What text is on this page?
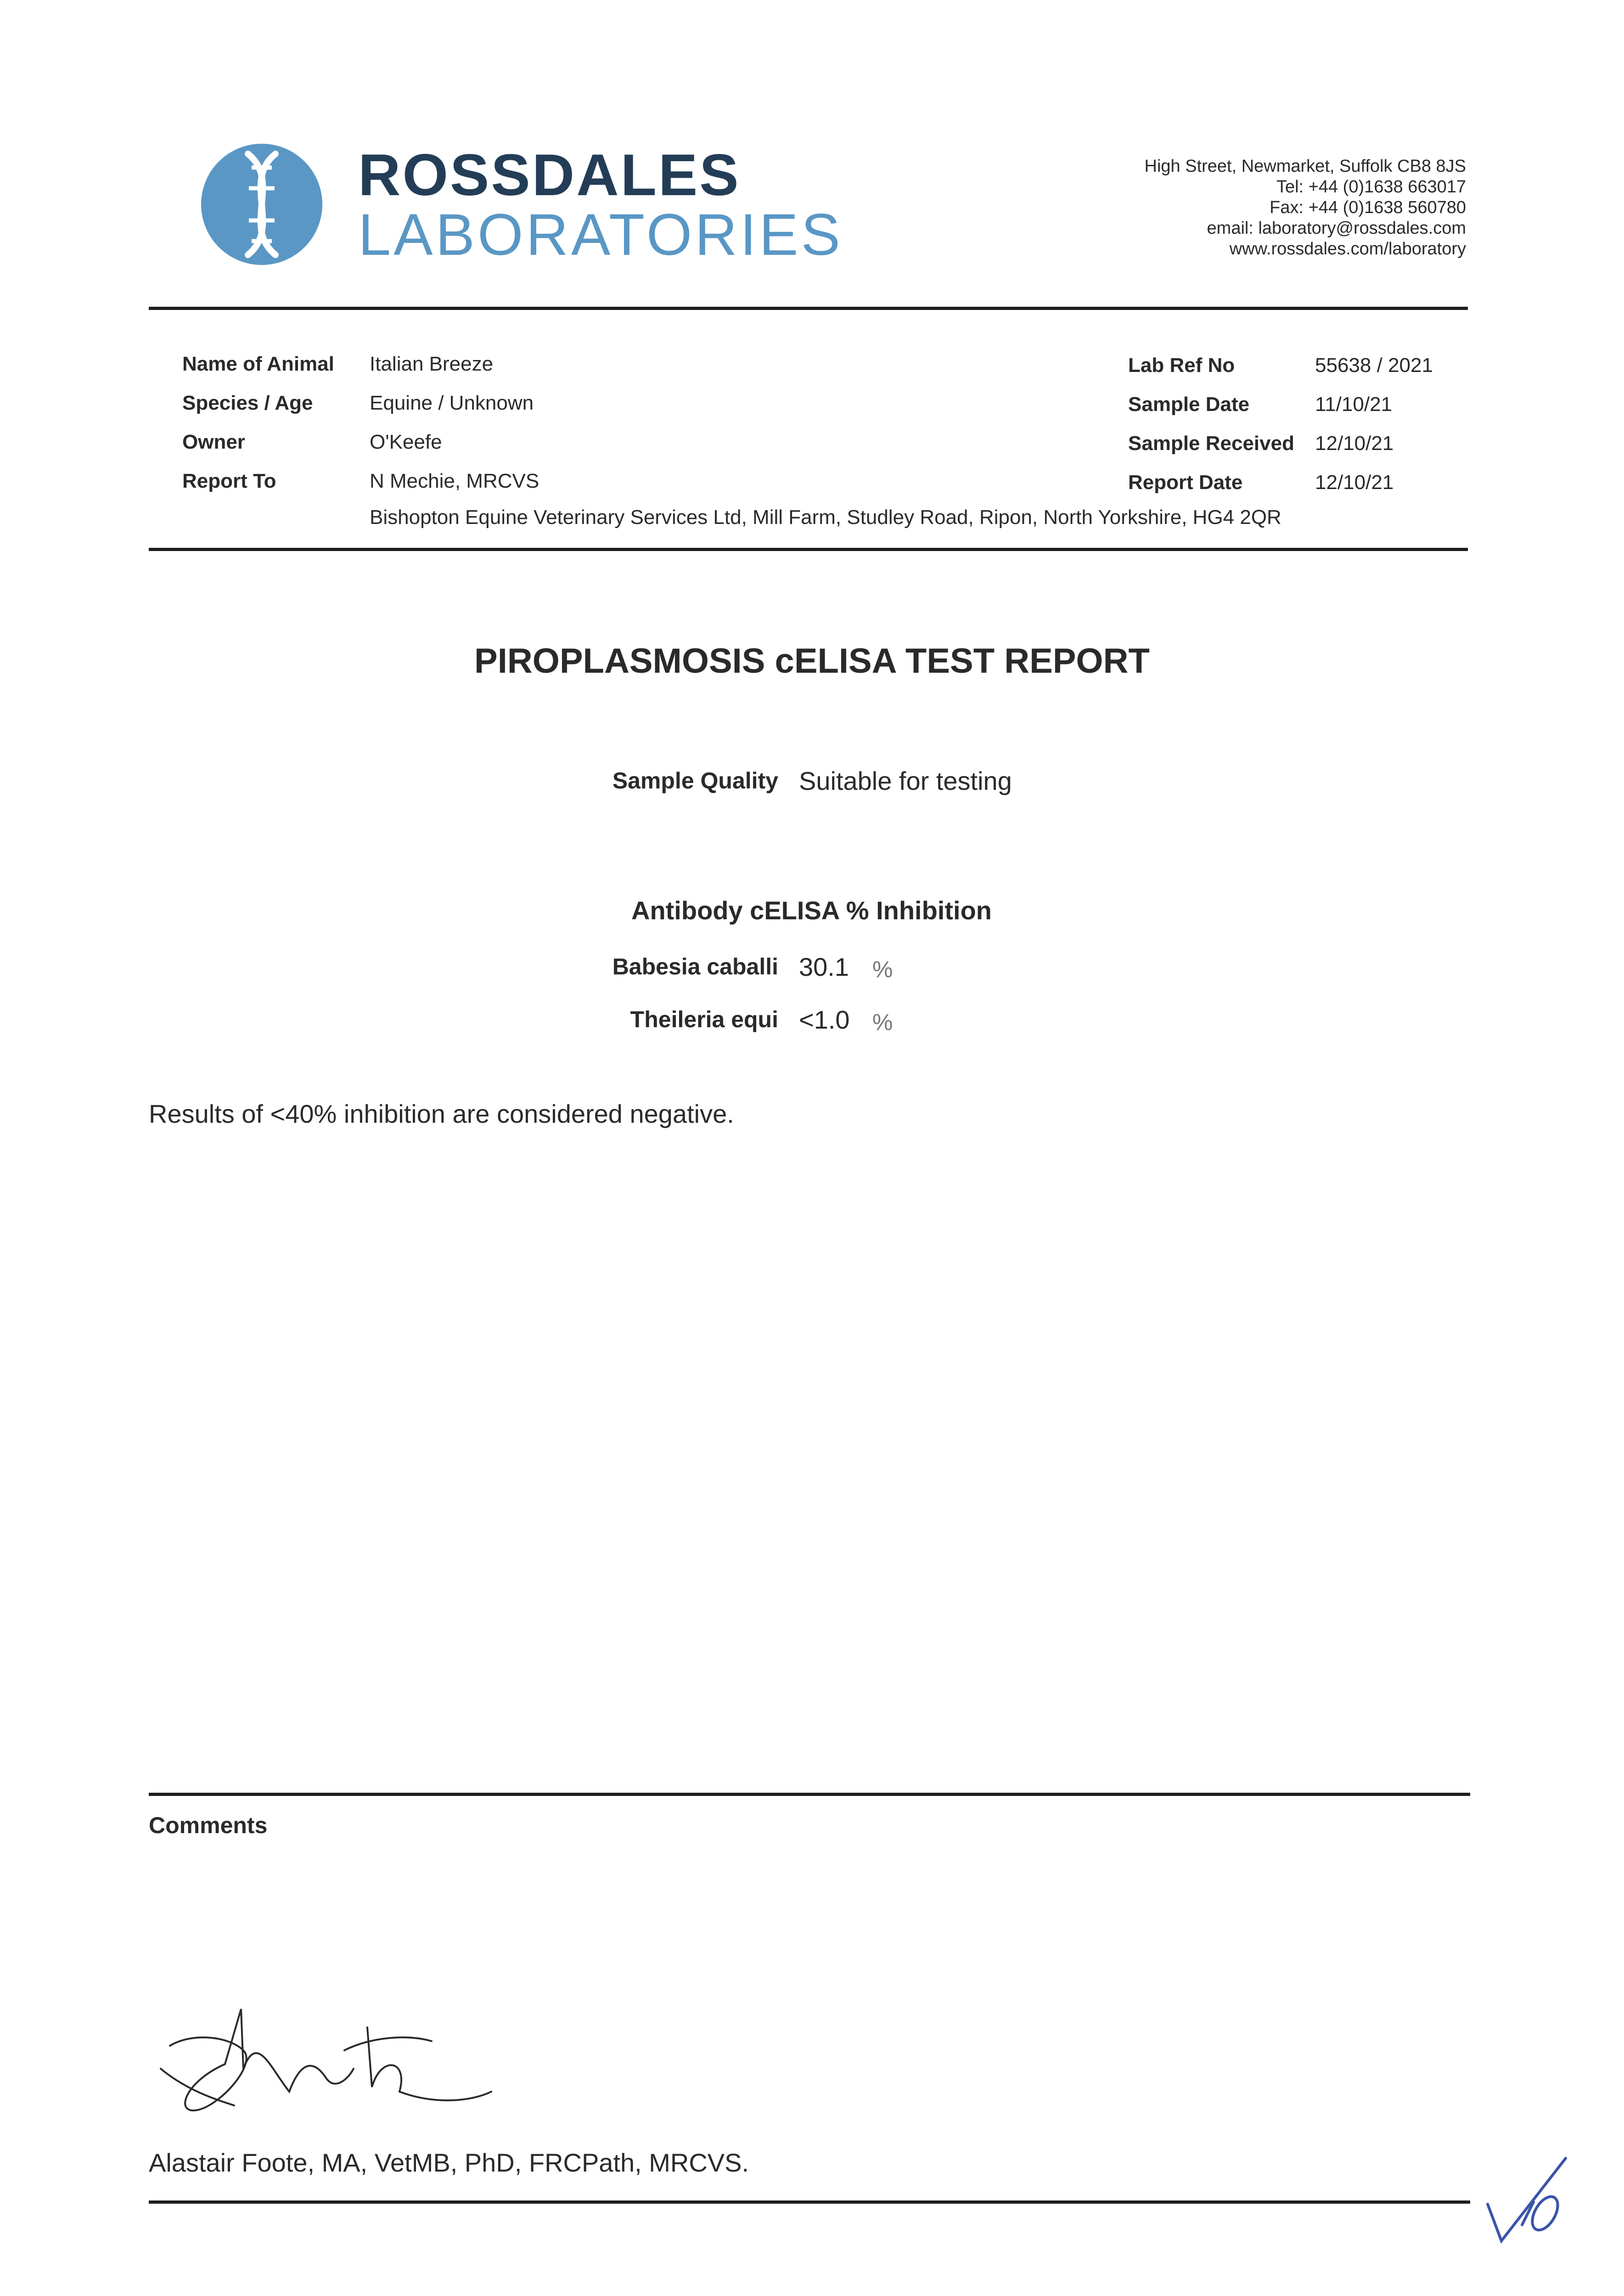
ROSSDALES
LABORATORIES
High Street, Newmarket, Suffolk CB8 8JS
Tel: +44 (0)1638 663017
Fax: +44 (0)1638 560780
email: laboratory@rossdales.com
www.rossdales.com/laboratory
Name of Animal Italian Breeze
Species / Age	Equine / Unknown
Owner	O'Keefe
Report To	N Mechie, MRCVS
Bishopton Equine Veterinary Services Ltd, Mill Farm, Studley Road, Ripon, North Yorkshire, HG4 2QR
Lab Ref No	55638 / 2021
Sample Date	11/10/21
Sample Received 12/10/21
Report Date	12/10/21
PIROPLASMOSIS cELISA TEST REPORT
Sample Quality Suitable for testing
Antibody cELISA % Inhibition
Babesia caballi 30.1 %
Theileria equi <1.0 %
Results of <40% inhibition are considered negative.
Comments
Alastair Foote, MA, VetMB, PhD, FRCPath, MRCVS.
